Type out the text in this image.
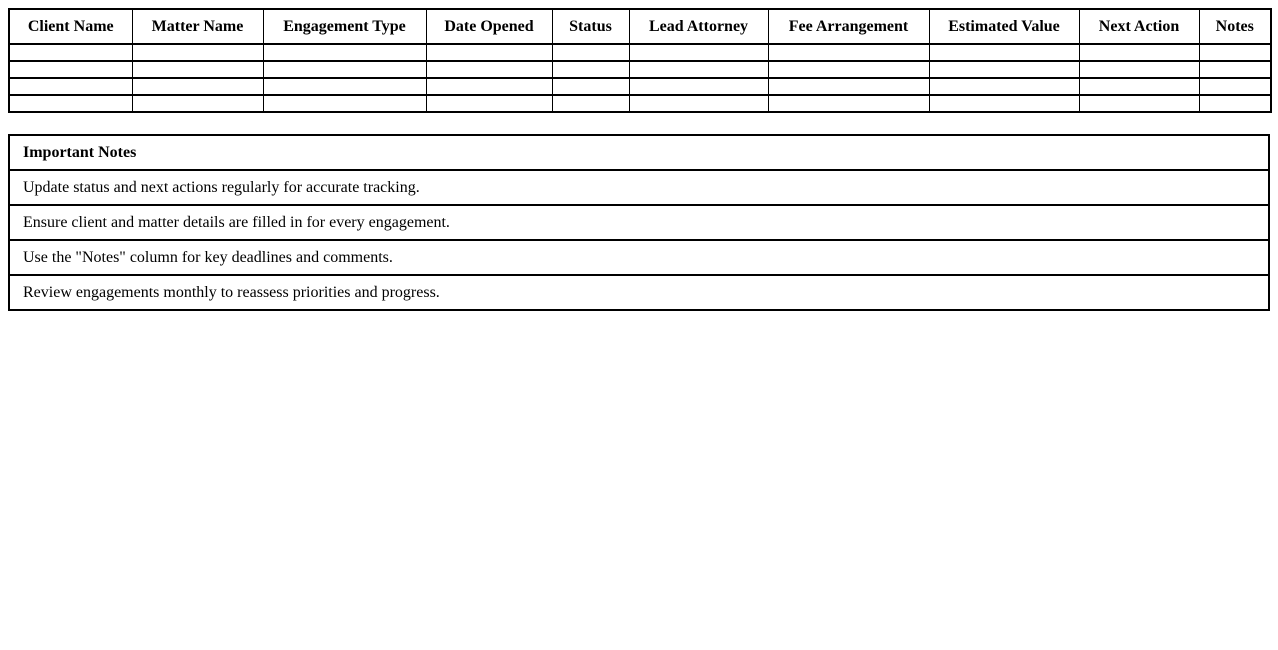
Client Name	Matter Name	Engagement Type	Date Opened	Status	Lead Attorney	Fee Arrangement	Estimated Value	Next Action	Notes

Important Notes
Update status and next actions regularly for accurate tracking.
Ensure client and matter details are filled in for every engagement.
Use the "Notes" column for key deadlines and comments.
Review engagements monthly to reassess priorities and progress.
